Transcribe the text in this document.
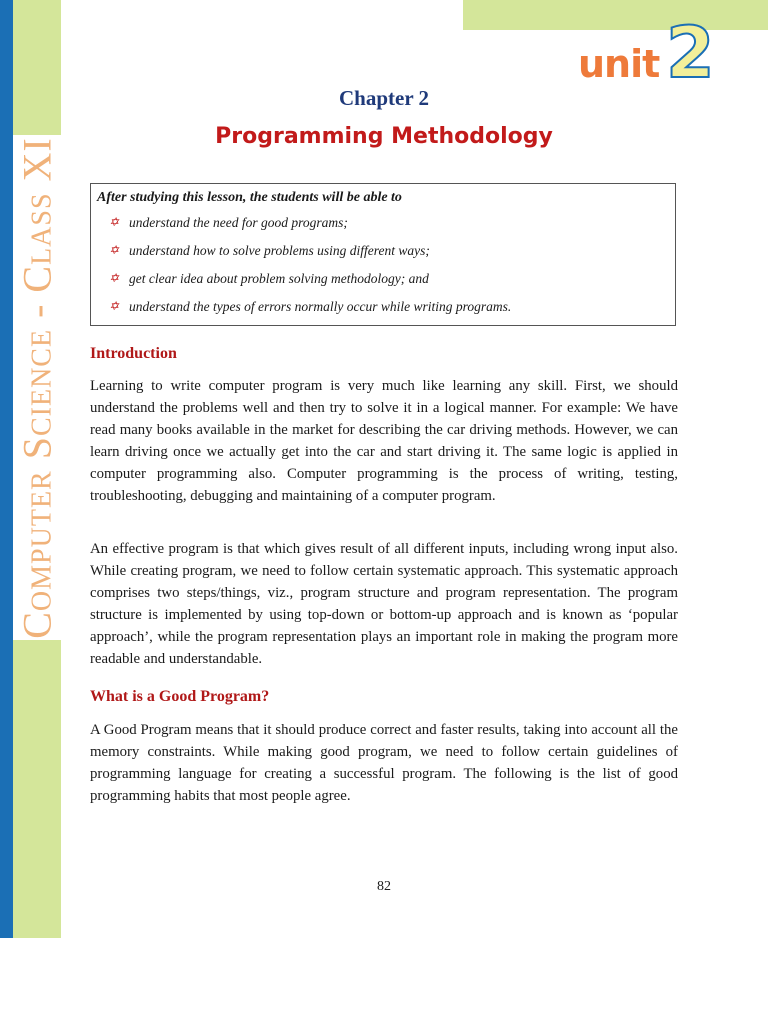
Computer Science - Class XI
unit 2
Chapter 2
Programming Methodology

After studying this lesson, the students will be able to

✡ understand the need for good programs;
✡ understand how to solve problems using different ways;
✡ get clear idea about problem solving methodology; and
✡ understand the types of errors normally occur while writing programs.
Introduction

Learning to write computer program is very much like learning any skill. First, we should understand the problems well and then try to solve it in a logical manner. For example: We have read many books available in the market for describing the car driving methods. However, we can learn driving once we actually get into the car and start driving it. The same logic is applied in computer programming also. Computer programming is the process of writing, testing, troubleshooting, debugging and maintaining of a computer program.

An effective program is that which gives result of all different inputs, including wrong input also. While creating program, we need to follow certain systematic approach. This systematic approach comprises two steps/things, viz., program structure and program representation. The program structure is implemented by using top-down or bottom-up approach and is known as ‘popular approach’, while the program representation plays an important role in making the program more readable and understandable.

What is a Good Program?

A Good Program means that it should produce correct and faster results, taking into account all the memory constraints. While making good program, we need to follow certain guidelines of programming language for creating a successful program. The following is the list of good programming habits that most people agree.

82
